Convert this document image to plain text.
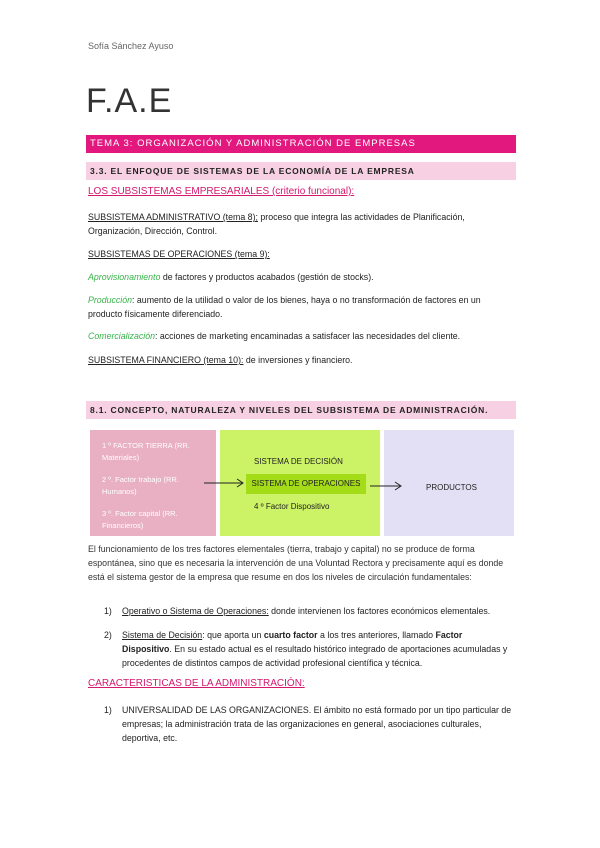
Sofía Sánchez Ayuso
F.A.E
TEMA 3: ORGANIZACIÓN Y ADMINISTRACIÓN DE EMPRESAS
3.3. EL ENFOQUE DE SISTEMAS DE LA ECONOMÍA DE LA EMPRESA
LOS SUBSISTEMAS EMPRESARIALES (criterio funcional):
SUBSISTEMA ADMINISTRATIVO (tema 8); proceso que integra las actividades de Planificación, Organización, Dirección, Control.
SUBSISTEMAS DE OPERACIONES (tema 9):
Aprovisionamiento de factores y productos acabados (gestión de stocks).
Producción: aumento de la utilidad o valor de los bienes, haya o no transformación de factores en un producto físicamente diferenciado.
Comercialización: acciones de marketing encaminadas a satisfacer las necesidades del cliente.
SUBSISTEMA FINANCIERO (tema 10): de inversiones y financiero.
8.1. CONCEPTO, NATURALEZA Y NIVELES DEL SUBSISTEMA DE ADMINISTRACIÓN.
1 º FACTOR TIERRA (RR. Materiales)
2 º. Factor trabajo (RR. Humanos)
3 º. Factor capital (RR. Financieros)
SISTEMA DE DECISIÓN
SISTEMA DE OPERACIONES
4 º Factor Dispositivo
PRODUCTOS
El funcionamiento de los tres factores elementales (tierra, trabajo y capital) no se produce de forma espontánea, sino que es necesaria la intervención de una Voluntad Rectora y precisamente aquí es donde está el sistema gestor de la empresa que resume en dos los niveles de circulación fundamentales:
1)	Operativo o Sistema de Operaciones: donde intervienen los factores económicos elementales.
2)	Sistema de Decisión: que aporta un cuarto factor a los tres anteriores, llamado Factor Dispositivo. En su estado actual es el resultado histórico integrado de aportaciones acumuladas y procedentes de distintos campos de actividad profesional científica y técnica.
CARACTERISTICAS DE LA ADMINISTRACIÓN:
1)	UNIVERSALIDAD DE LAS ORGANIZACIONES. El ámbito no está formado por un tipo particular de empresas; la administración trata de las organizaciones en general, asociaciones culturales, deportiva, etc.
